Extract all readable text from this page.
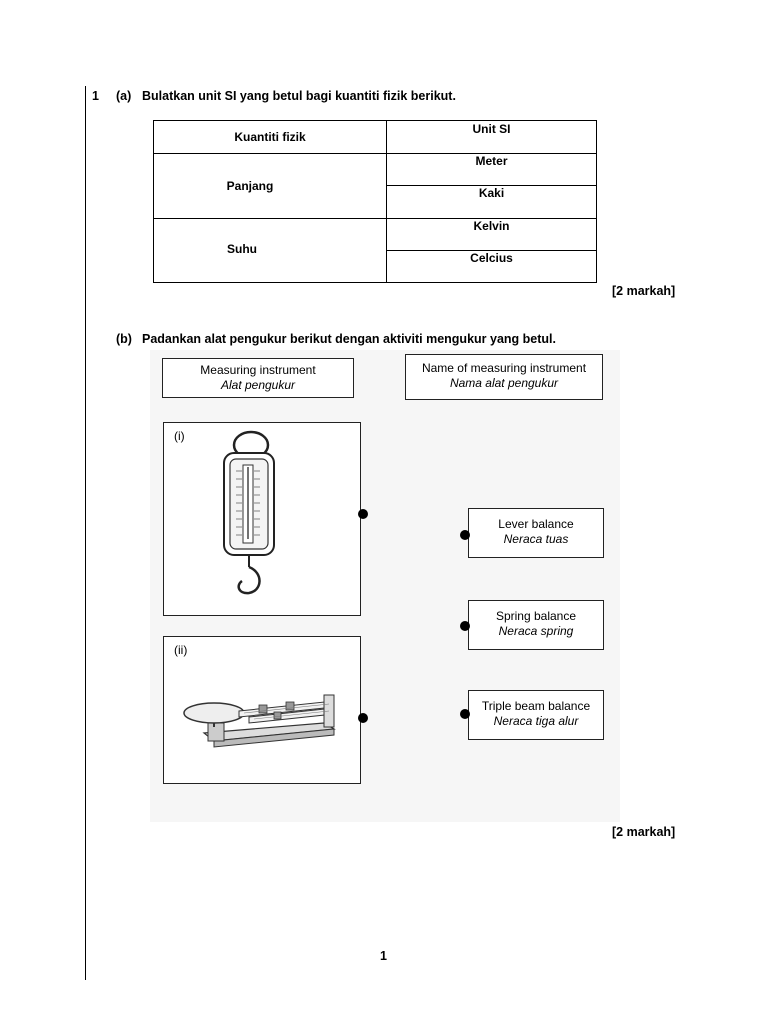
1 (a) Bulatkan unit SI yang betul bagi kuantiti fizik berikut.
Kuantiti fizik	Unit SI

Panjang	Meter

	Kaki

Suhu	Kelvin

	Celcius
[2 markah]
(b) Padankan alat pengukur berikut dengan aktiviti mengukur yang betul.
Measuring instrument
Alat pengukur
Name of measuring instrument
Nama alat pengukur
(i)
(ii)
Lever balance
Neraca tuas
Spring balance
Neraca spring
Triple beam balance
Neraca tiga alur
[2 markah]
1
